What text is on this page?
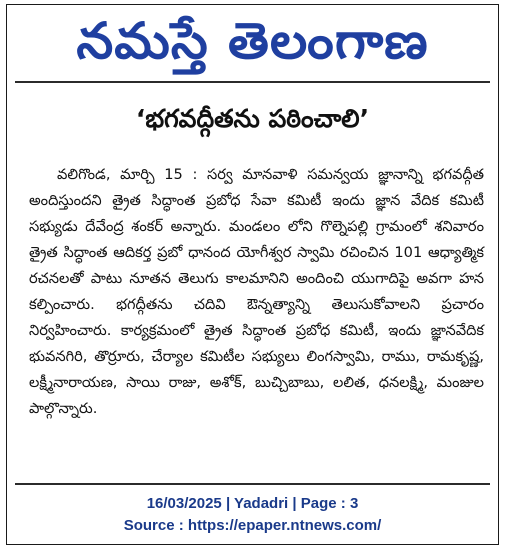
నమస్తే తెలంగాణ
‘భగవద్గీతను పఠించాలి’
వలిగొండ, మార్చి 15 : సర్వ మానవాళి సమన్వయ జ్ఞానాన్ని భగవద్గీత అందిస్తుందని త్రైత సిద్ధాంత ప్రబోధ సేవా కమిటీ ఇందు జ్ఞాన వేదిక కమిటీ సభ్యుడు దేవేంద్ర శంకర్ అన్నారు. మండలం లోని గొల్నెపల్లి గ్రామంలో శనివారం త్రైత సిద్ధాంత ఆదికర్త ప్రబో ధానంద యోగీశ్వర స్వామి రచించిన 101 ఆధ్యాత్మిక రచనలతో పాటు నూతన తెలుగు కాలమానిని అందించి యుగాదిపై అవగా హన కల్పించారు. భగద్గీతను చదివి ఔన్నత్యాన్ని తెలుసుకోవాలని ప్రచారం నిర్వహించారు. కార్యక్రమంలో త్రైత సిద్ధాంత ప్రబోధ కమిటీ, ఇందు జ్ఞానవేదిక భువనగిరి, తొర్రూరు, చేర్యాల కమిటీల సభ్యులు లింగస్వామి, రాము, రామకృష్ణ, లక్ష్మీనారాయణ, సాయి రాజు, అశోక్, బుచ్చిబాబు, లలిత, ధనలక్ష్మి, మంజుల పాల్గొన్నారు.
16/03/2025 | Yadadri | Page : 3
Source : https://epaper.ntnews.com/
